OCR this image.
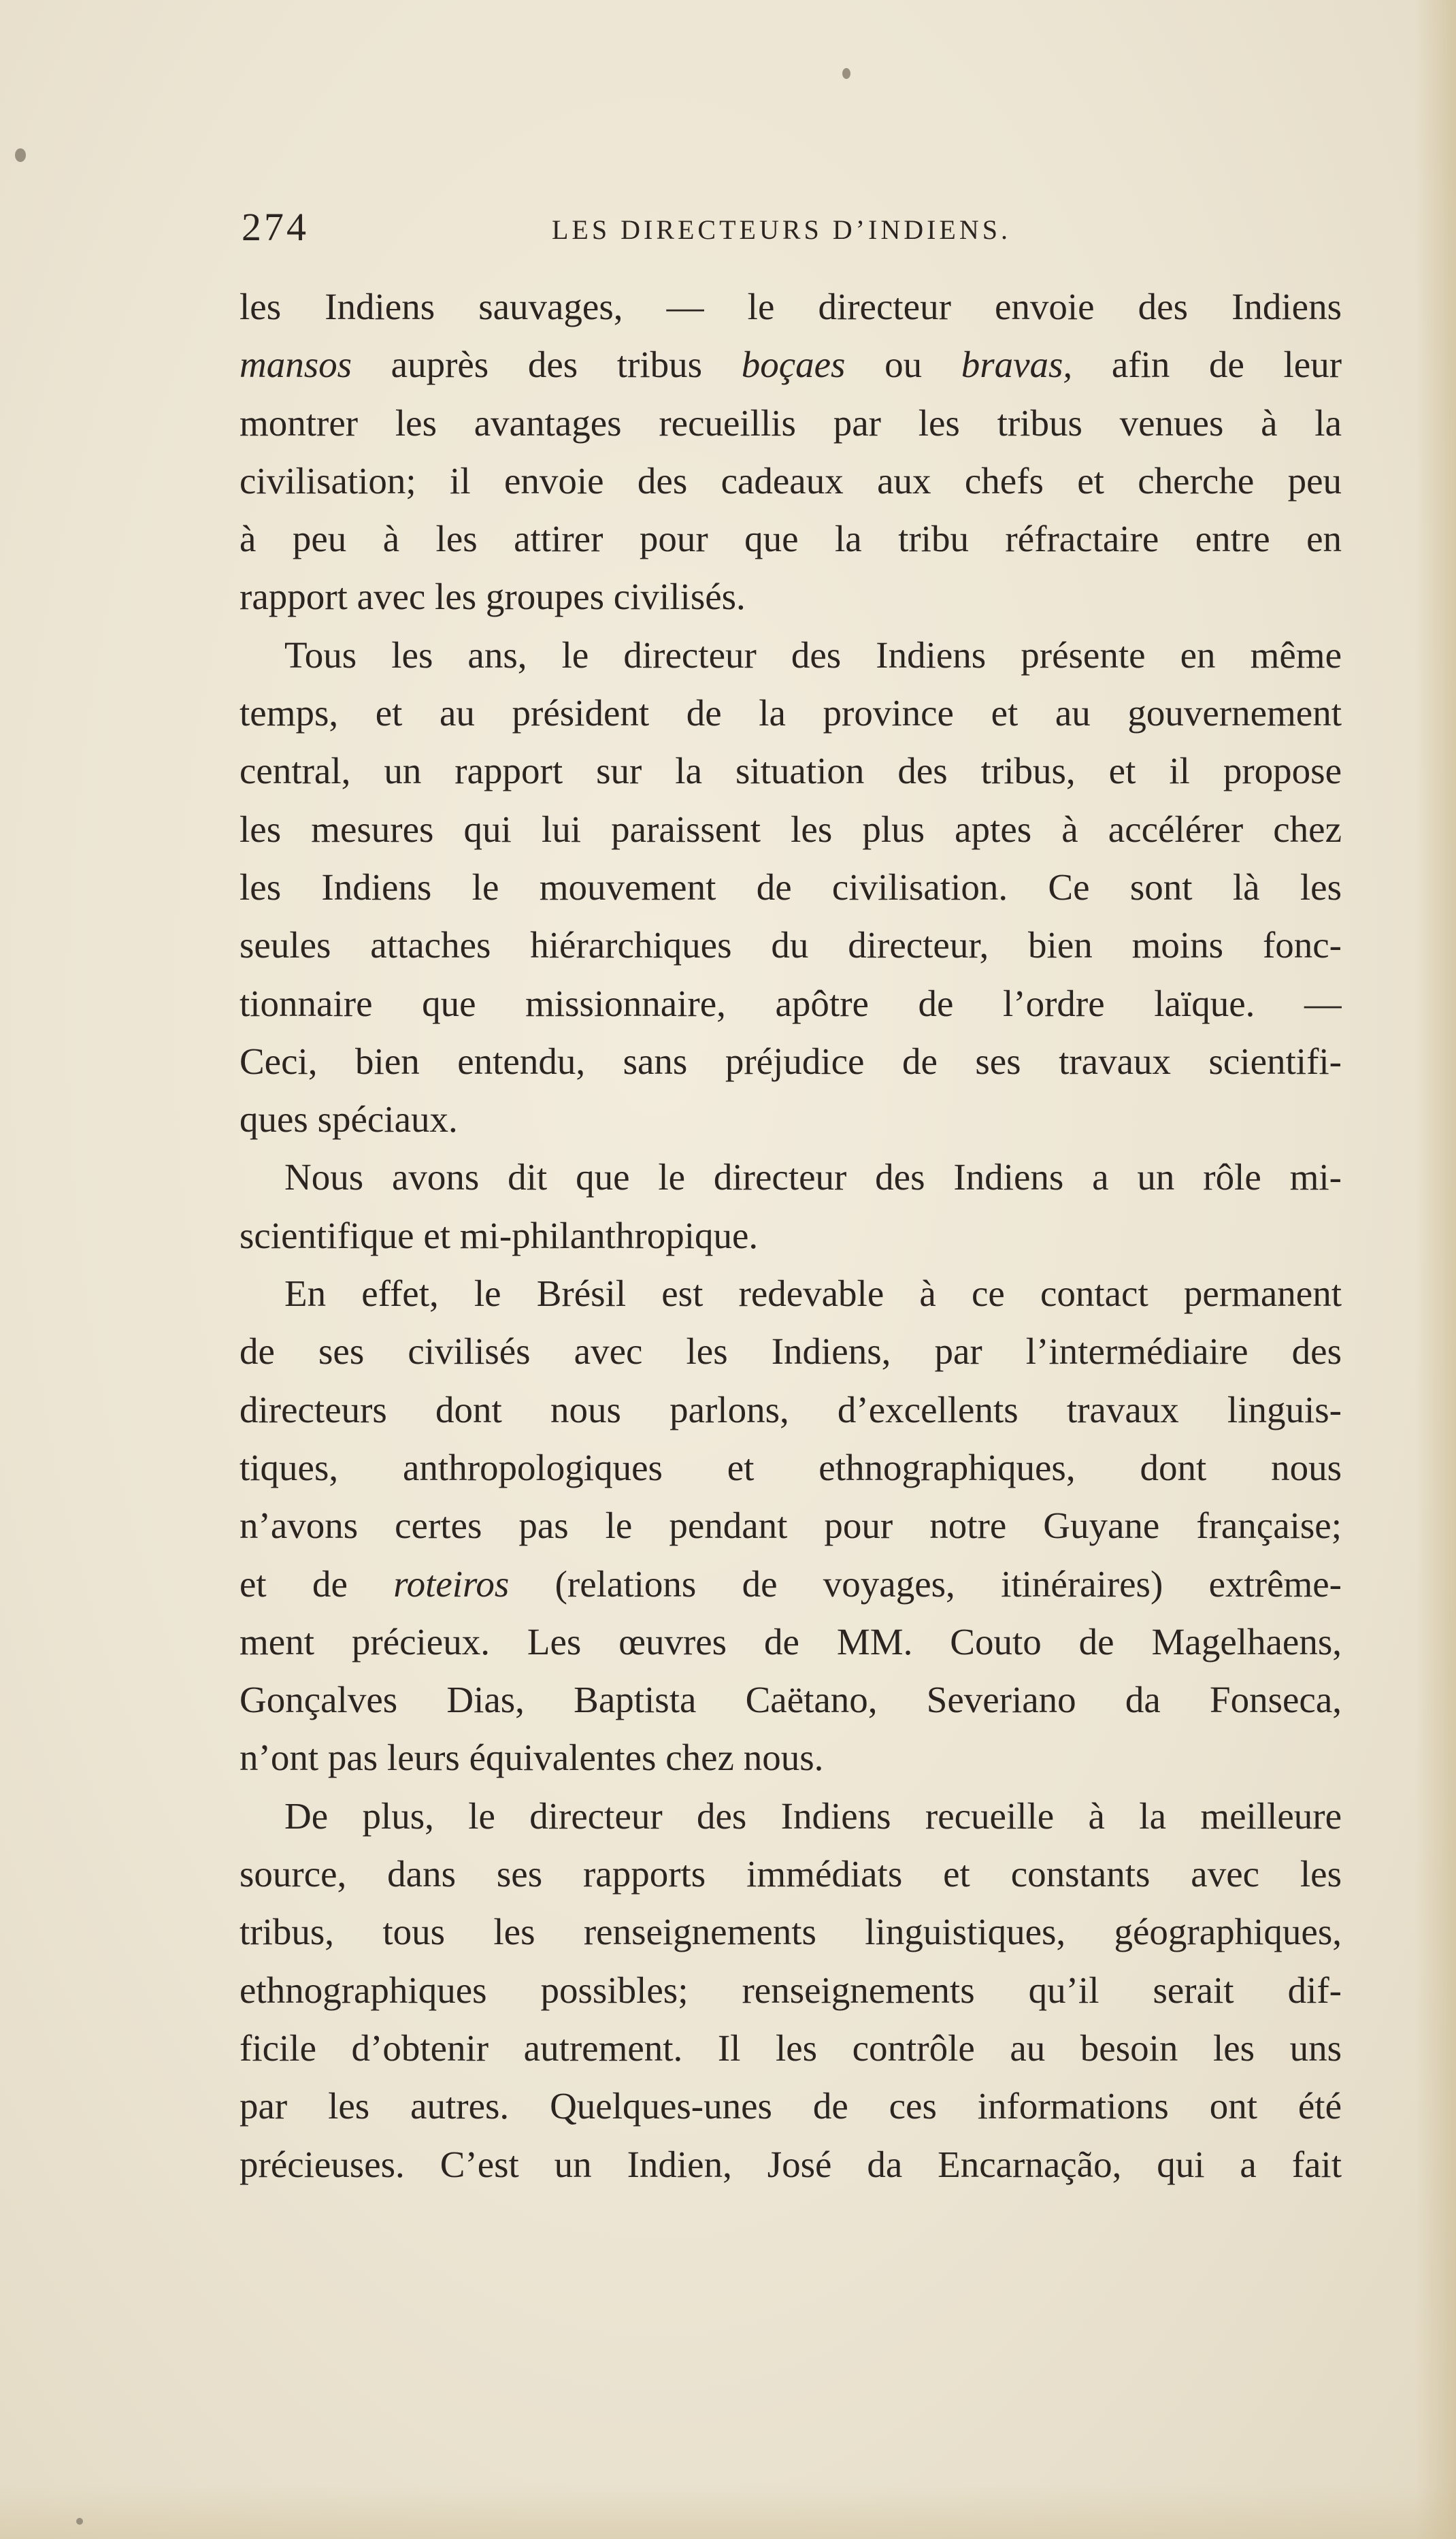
274	LES DIRECTEURS D’INDIENS.
les Indiens sauvages, — le directeur envoie des Indiens
mansos auprès des tribus boçaes ou bravas, afin de leur
montrer les avantages recueillis par les tribus venues à la
civilisation; il envoie des cadeaux aux chefs et cherche peu
à peu à les attirer pour que la tribu réfractaire entre en
rapport avec les groupes civilisés.
Tous les ans, le directeur des Indiens présente en même
temps, et au président de la province et au gouvernement
central, un rapport sur la situation des tribus, et il propose
les mesures qui lui paraissent les plus aptes à accélérer chez
les Indiens le mouvement de civilisation. Ce sont là les
seules attaches hiérarchiques du directeur, bien moins fonc-
tionnaire que missionnaire, apôtre de l’ordre laïque. —
Ceci, bien entendu, sans préjudice de ses travaux scientifi-
ques spéciaux.
Nous avons dit que le directeur des Indiens a un rôle mi-
scientifique et mi-philanthropique.
En effet, le Brésil est redevable à ce contact permanent
de ses civilisés avec les Indiens, par l’intermédiaire des
directeurs dont nous parlons, d’excellents travaux linguis-
tiques, anthropologiques et ethnographiques, dont nous
n’avons certes pas le pendant pour notre Guyane française;
et de roteiros (relations de voyages, itinéraires) extrême-
ment précieux. Les œuvres de MM. Couto de Magelhaens,
Gonçalves Dias, Baptista Caëtano, Severiano da Fonseca,
n’ont pas leurs équivalentes chez nous.
De plus, le directeur des Indiens recueille à la meilleure
source, dans ses rapports immédiats et constants avec les
tribus, tous les renseignements linguistiques, géographiques,
ethnographiques possibles; renseignements qu’il serait dif-
ficile d’obtenir autrement. Il les contrôle au besoin les uns
par les autres. Quelques-unes de ces informations ont été
précieuses. C’est un Indien, José da Encarnação, qui a fait
